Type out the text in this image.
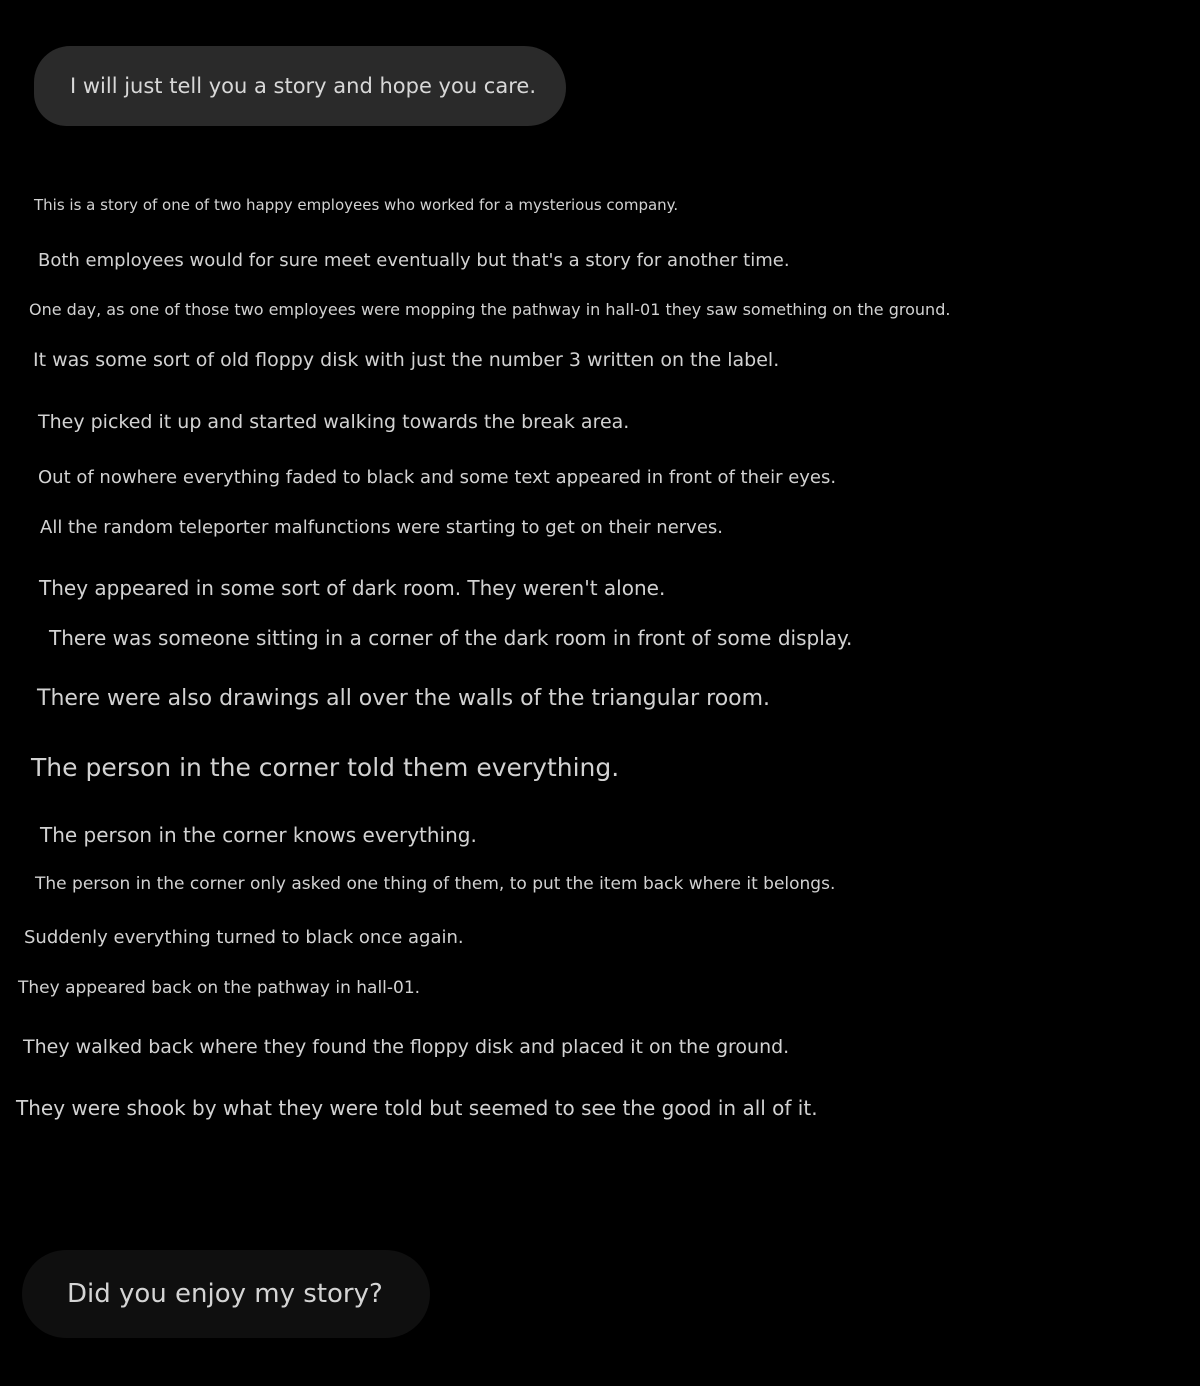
I will just tell you a story and hope you care.
This is a story of one of two happy employees who worked for a mysterious company.
Both employees would for sure meet eventually but that's a story for another time.
One day, as one of those two employees were mopping the pathway in hall-01 they saw something on the ground.
It was some sort of old floppy disk with just the number 3 written on the label.
They picked it up and started walking towards the break area.
Out of nowhere everything faded to black and some text appeared in front of their eyes.
All the random teleporter malfunctions were starting to get on their nerves.
They appeared in some sort of dark room. They weren't alone.
There was someone sitting in a corner of the dark room in front of some display.
There were also drawings all over the walls of the triangular room.
The person in the corner told them everything.
The person in the corner knows everything.
The person in the corner only asked one thing of them, to put the item back where it belongs.
Suddenly everything turned to black once again.
They appeared back on the pathway in hall-01.
They walked back where they found the floppy disk and placed it on the ground.
They were shook by what they were told but seemed to see the good in all of it.
Did you enjoy my story?
